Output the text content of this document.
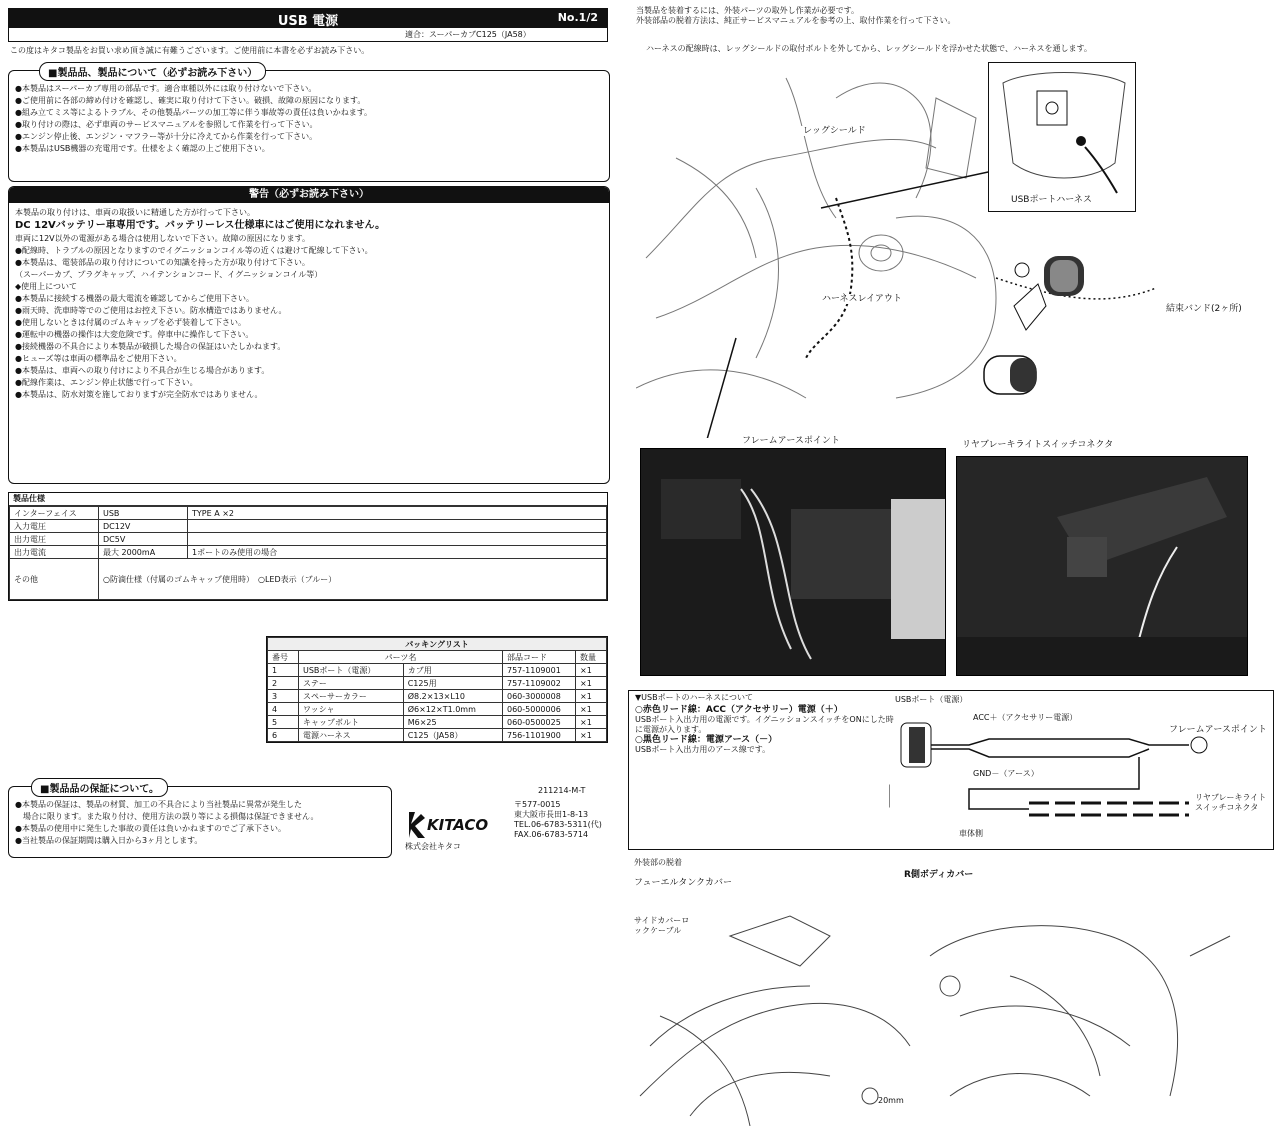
USB 電源	No.1/2
適合：スーパーカブC125（JA58）
この度はキタコ製品をお買い求め頂き誠に有難うございます。ご使用前に本書を必ずお読み下さい。
■製品品、製品について（必ずお読み下さい）
●本製品はスーパーカブ専用の部品です。適合車種以外には取り付けないで下さい。
●ご使用前に各部の締め付けを確認し、確実に取り付けて下さい。破損、故障の原因になります。
●組み立てミス等によるトラブル、その他製品パーツの加工等に伴う事故等の責任は負いかねます。
●取り付けの際は、必ず車両のサービスマニュアルを参照して作業を行って下さい。
●エンジン停止後、エンジン・マフラー等が十分に冷えてから作業を行って下さい。
●本製品はUSB機器の充電用です。仕様をよく確認の上ご使用下さい。
警告（必ずお読み下さい）
本製品の取り付けは、車両の取扱いに精通した方が行って下さい。
DC 12Vバッテリー車専用です。バッテリーレス仕様車にはご使用になれません。
車両に12V以外の電源がある場合は使用しないで下さい。故障の原因になります。
●配線時、トラブルの原因となりますのでイグニッションコイル等の近くは避けて配線して下さい。
●本製品は、電装部品の取り付けについての知識を持った方が取り付けて下さい。
（スーパーカブ、プラグキャップ、ハイテンションコード、イグニッションコイル等）
◆使用上について
●本製品に接続する機器の最大電流を確認してからご使用下さい。
●雨天時、洗車時等でのご使用はお控え下さい。防水構造ではありません。
●使用しないときは付属のゴムキャップを必ず装着して下さい。
●運転中の機器の操作は大変危険です。停車中に操作して下さい。
●接続機器の不具合により本製品が破損した場合の保証はいたしかねます。
●ヒューズ等は車両の標準品をご使用下さい。
●本製品は、車両への取り付けにより不具合が生じる場合があります。
●配線作業は、エンジン停止状態で行って下さい。
●本製品は、防水対策を施しておりますが完全防水ではありません。
製品仕様
インターフェイス	USB	TYPE A ×2
入力電圧	DC12V	
出力電圧	DC5V	
出力電流	最大 2000mA	1ポートのみ使用の場合
その他	○防滴仕様（付属のゴムキャップ使用時）　○LED表示（ブルー）	
パッキングリスト				
番号	パーツ名		部品コード	数量
1	USBポート（電源）	カブ用	757-1109001	×1
2	ステー	C125用	757-1109002	×1
3	スペーサーカラー	Ø8.2×13×L10	060-3000008	×1
4	ワッシャ	Ø6×12×T1.0mm	060-5000006	×1
5	キャップボルト	M6×25	060-0500025	×1
6	電源ハーネス	C125（JA58）	756-1101900	×1
■製品品の保証について。
●本製品の保証は、製品の材質、加工の不具合により当社製品に異常が発生した
　場合に限ります。また取り付け、使用方法の誤り等による損傷は保証できません。
●本製品の使用中に発生した事故の責任は負いかねますのでご了承下さい。
●当社製品の保証期間は購入日から3ヶ月とします。
KITACO
株式会社キタコ
211214-M-T
〒577-0015
東大阪市長田1-8-13
TEL.06-6783-5311(代)
FAX.06-6783-5714
当製品を装着するには、外装パーツの取外し作業が必要です。
外装部品の脱着方法は、純正サービスマニュアルを参考の上、取付作業を行って下さい。
ハーネスの配線時は、レッグシールドの取付ボルトを外してから、レッグシールドを浮かせた状態で、ハーネスを通します。
USBポートハーネス
レッグシールド
ハーネスレイアウト
結束バンド(2ヶ所)
フレームアースポイント	リヤブレーキライトスイッチコネクタ
▼USBポートのハーネスについて
○赤色リード線：ACC（アクセサリー）電源（＋）
USBポート入出力用の電源です。イグニッションスイッチをONにした時に電源が入ります。
○黒色リード線：電源アース（－）
USBポート入出力用のアース線です。
USBポート（電源）
ACC＋（アクセサリー電源）
GND－（アース）
フレームアースポイント
リヤブレーキライトスイッチコネクタ
車体側
外装部の脱着
フューエルタンクカバー
サイドカバーロックケーブル
R側ボディカバー
20mm
